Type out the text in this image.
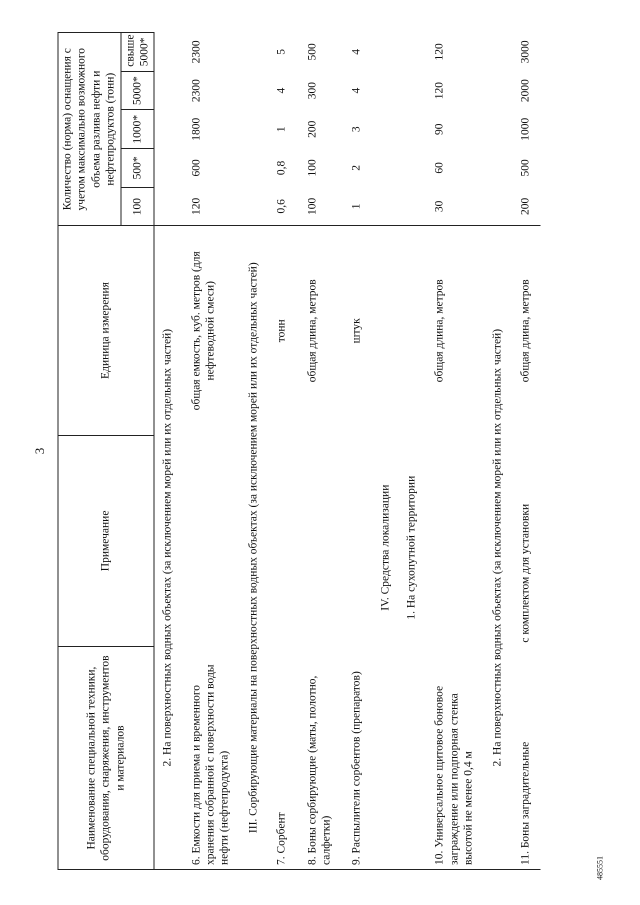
3
485551
Наименование специальной техники, оборудования, снаряжения, инструментов и материалов	Примечание	Единица измерения	Количество (норма) оснащения с учетом максимально возможного объема разлива нефти и нефтепродуктов (тонн)				
			100	500*	1000*	5000*	свыше 5000*
2. На поверхностных водных объектах (за исключением морей или их отдельных частей)							
6. Емкости для приема и временного хранения собранной с поверхности воды нефти (нефтепродукта)		общая емкость, куб. метров (для нефтеводной смеси)	120	600	1800	2300	2300
III. Сорбирующие материалы на поверхностных водных объектах (за исключением морей или их отдельных частей)							
7. Сорбент		тонн	0,6	0,8	1	4	5
8. Боны сорбирующие (маты, полотно, салфетки)		общая длина, метров	100	100	200	300	500
9. Распылители сорбентов (препаратов)		штук	1	2	3	4	4
IV. Средства локализации							
1. На сухопутной территории							
10. Универсальное щитовое боновое заграждение или подпорная стенка высотой не менее 0,4 м		общая длина, метров	30	60	90	120	120
2. На поверхностных водных объектах (за исключением морей или их отдельных частей)							
11. Боны заградительные	с комплектом для установки	общая длина, метров	200	500	1000	2000	3000
